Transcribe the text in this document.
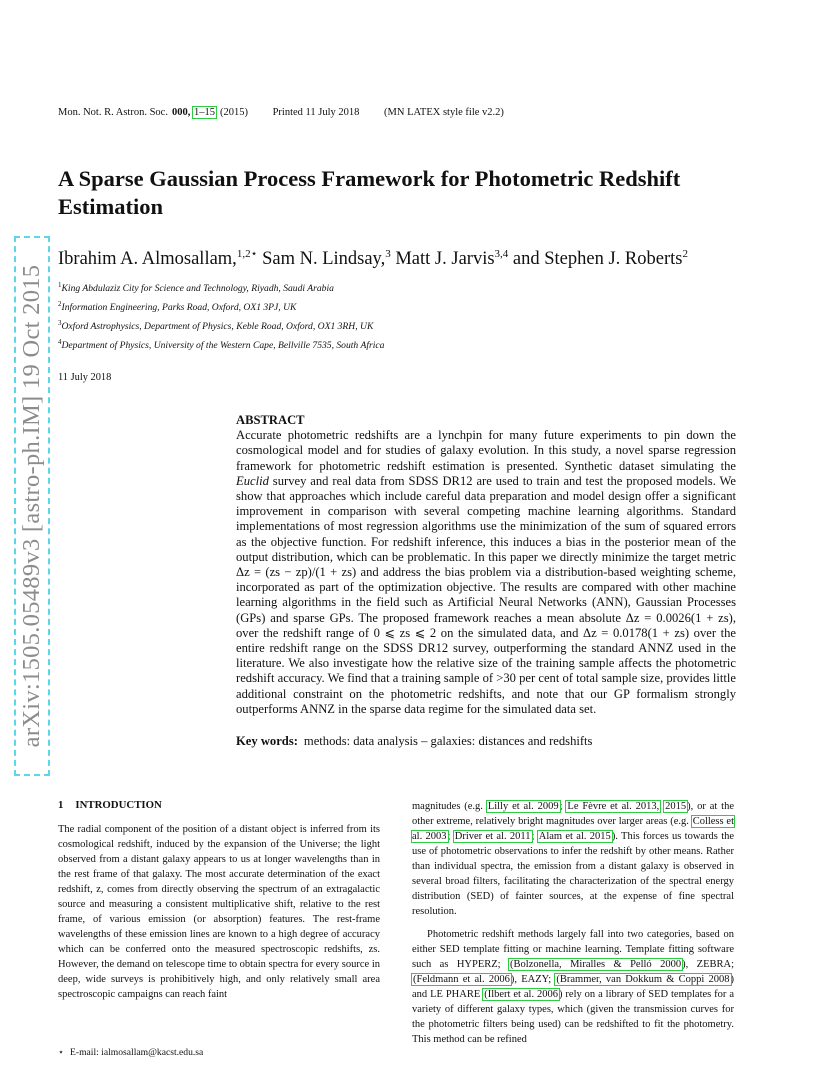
Mon. Not. R. Astron. Soc. 000, 1–15 (2015) Printed 11 July 2018 (MN LATEX style file v2.2)
A Sparse Gaussian Process Framework for Photometric Redshift Estimation
Ibrahim A. Almosallam,$^{1,2⋆}$ Sam N. Lindsay,$^3$ Matt J. Jarvis$^{3,4}$ and Stephen J. Roberts$^2$
$^1$King Abdulaziz City for Science and Technology, Riyadh, Saudi Arabia
$^2$Information Engineering, Parks Road, Oxford, OX1 3PJ, UK
$^3$Oxford Astrophysics, Department of Physics, Keble Road, Oxford, OX1 3RH, UK
$^4$Department of Physics, University of the Western Cape, Bellville 7535, South Africa
11 July 2018
arXiv:1505.05489v3 [astro-ph.IM] 19 Oct 2015	ABSTRACT

Accurate photometric redshifts are a lynchpin for many future experiments to pin down the cosmological model and for studies of galaxy evolution. In this study, a novel sparse regression framework for photometric redshift estimation is presented. Synthetic dataset simulating the Euclid survey and real data from SDSS DR12 are used to train and test the proposed models. We show that approaches which include careful data preparation and model design offer a significant improvement in comparison with several competing machine learning algorithms. Standard implementations of most regression algorithms use the minimization of the sum of squared errors as the objective function. For redshift inference, this induces a bias in the posterior mean of the output distribution, which can be problematic. In this paper we directly minimize the target metric Δz = (zs − zp)/(1 + zs) and address the bias problem via a distribution-based weighting scheme, incorporated as part of the optimization objective. The results are compared with other machine learning algorithms in the field such as Artificial Neural Networks (ANN), Gaussian Processes (GPs) and sparse GPs. The proposed framework reaches a mean absolute Δz = 0.0026(1 + zs), over the redshift range of 0 ⩽ zs ⩽ 2 on the simulated data, and Δz = 0.0178(1 + zs) over the entire redshift range on the SDSS DR12 survey, outperforming the standard ANNZ used in the literature. We also investigate how the relative size of the training sample affects the photometric redshift accuracy. We find that a training sample of >30 per cent of total sample size, provides little additional constraint on the photometric redshifts, and note that our GP formalism strongly outperforms ANNZ in the sparse data regime for the simulated data set.

Key words: methods: data analysis – galaxies: distances and redshifts
1 INTRODUCTION

The radial component of the position of a distant object is inferred from its cosmological redshift, induced by the expansion of the Universe; the light observed from a distant galaxy appears to us at longer wavelengths than in the rest frame of that galaxy. The most accurate determination of the exact redshift, z, comes from directly observing the spectrum of an extragalactic source and measuring a consistent multiplicative shift, relative to the rest frame, of various emission (or absorption) features. The rest-frame wavelengths of these emission lines are known to a high degree of accuracy which can be conferred onto the measured spectroscopic redshifts, zs. However, the demand on telescope time to obtain spectra for every source in deep, wide surveys is prohibitively high, and only relatively small area spectroscopic campaigns can reach faint

magnitudes (e.g. Lilly et al. 2009; Le Fèvre et al. 2013, 2015), or at the other extreme, relatively bright magnitudes over larger areas (e.g. Colless et al. 2003; Driver et al. 2011; Alam et al. 2015). This forces us towards the use of photometric observations to infer the redshift by other means. Rather than individual spectra, the emission from a distant galaxy is observed in several broad filters, facilitating the characterization of the spectral energy distribution (SED) of fainter sources, at the expense of fine spectral resolution.

Photometric redshift methods largely fall into two categories, based on either SED template fitting or machine learning. Template fitting software such as HYPERZ; (Bolzonella, Miralles & Pelló 2000), ZEBRA; (Feldmann et al. 2006), EAZY; (Brammer, van Dokkum & Coppi 2008) and LE PHARE (Ilbert et al. 2006) rely on a library of SED templates for a variety of different galaxy types, which (given the transmission curves for the photometric filters being used) can be redshifted to fit the photometry. This method can be refined

⋆ E-mail: ialmosallam@kacst.edu.sa
